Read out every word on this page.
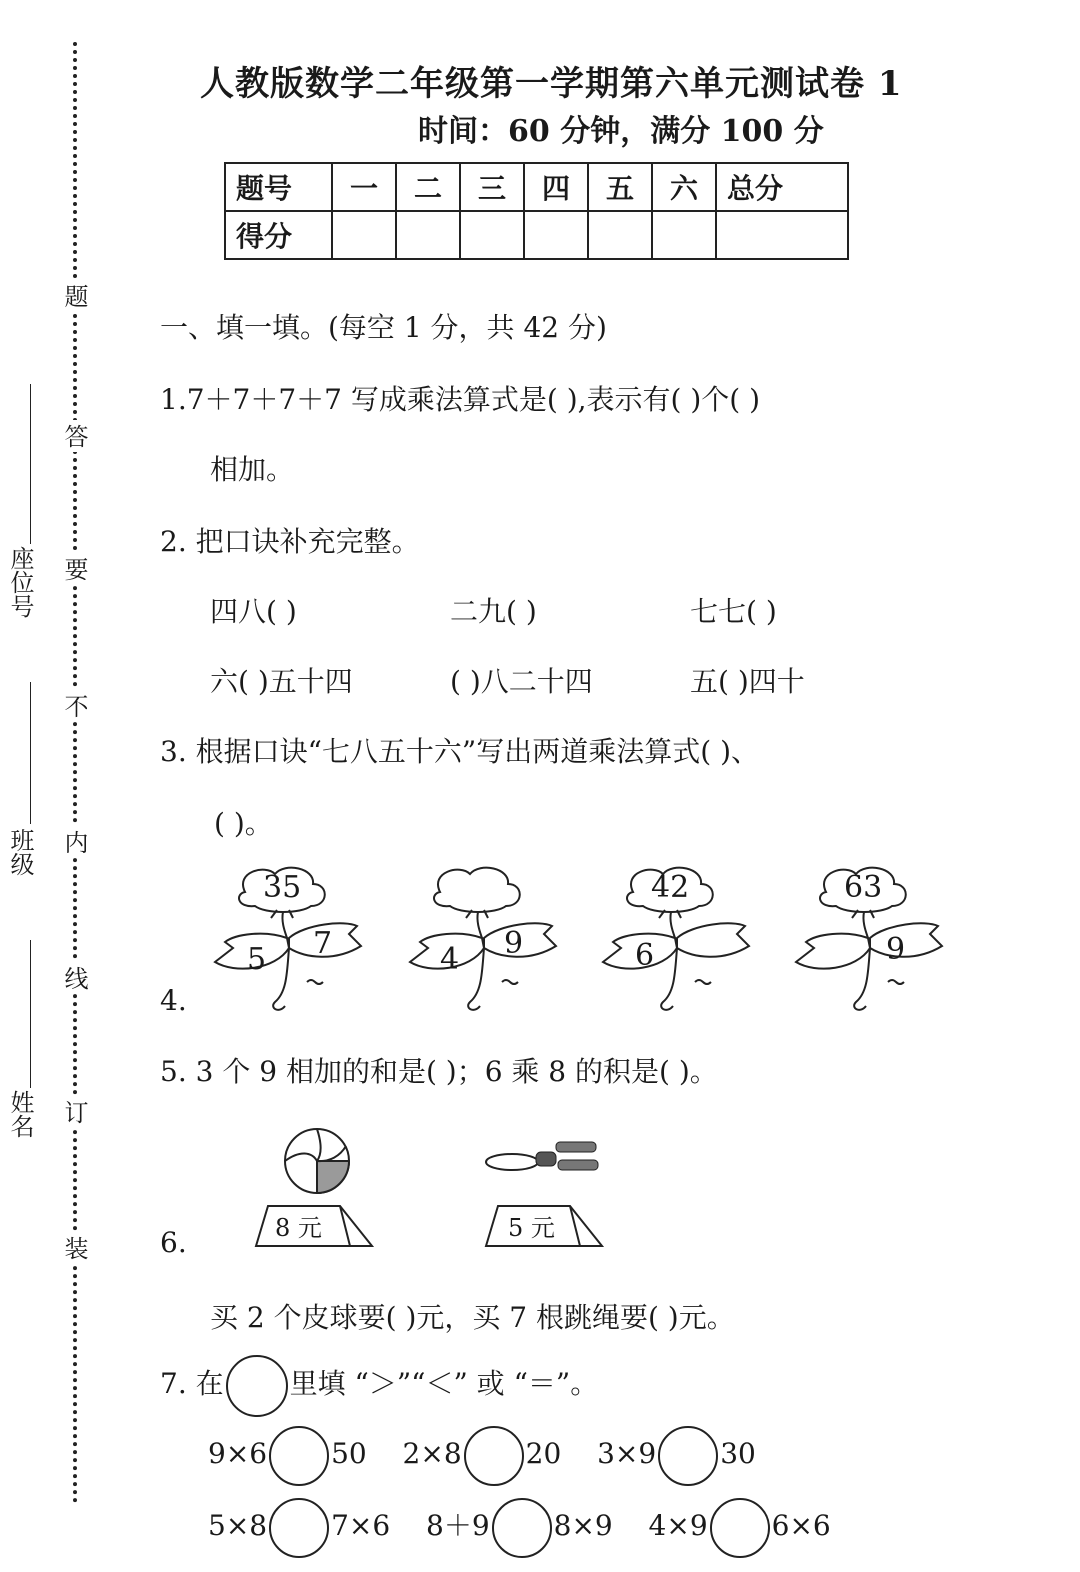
题
答
要
不
内
线
订
装
座位号
班级
姓名
人教版数学二年级第一学期第六单元测试卷 1
时间：60 分钟，满分 100 分
题号	一	二	三	四	五	六	总分
得分							
一、填一填。(每空 1 分，共 42 分)
1.7＋7＋7＋7 写成乘法算式是( ),表示有( )个( )
相加。
2. 把口诀补充完整。
四八( )	二九( )	七七( )
六( )五十四	( )八二十四	五( )四十
3. 根据口诀“七八五十六”写出两道乘法算式( )、
( )。
4.
35
5 7	4 9
42
6
63
9
5. 3 个 9 相加的和是( )；6 乘 8 的积是( )。
6.	8 元	5 元
买 2 个皮球要( )元，买 7 根跳绳要( )元。
7. 在 里填 “＞”“＜” 或 “＝”。
9×6 50 2×8 20 3×9 30
5×8 7×6 8＋9 8×9 4×9 6×6
